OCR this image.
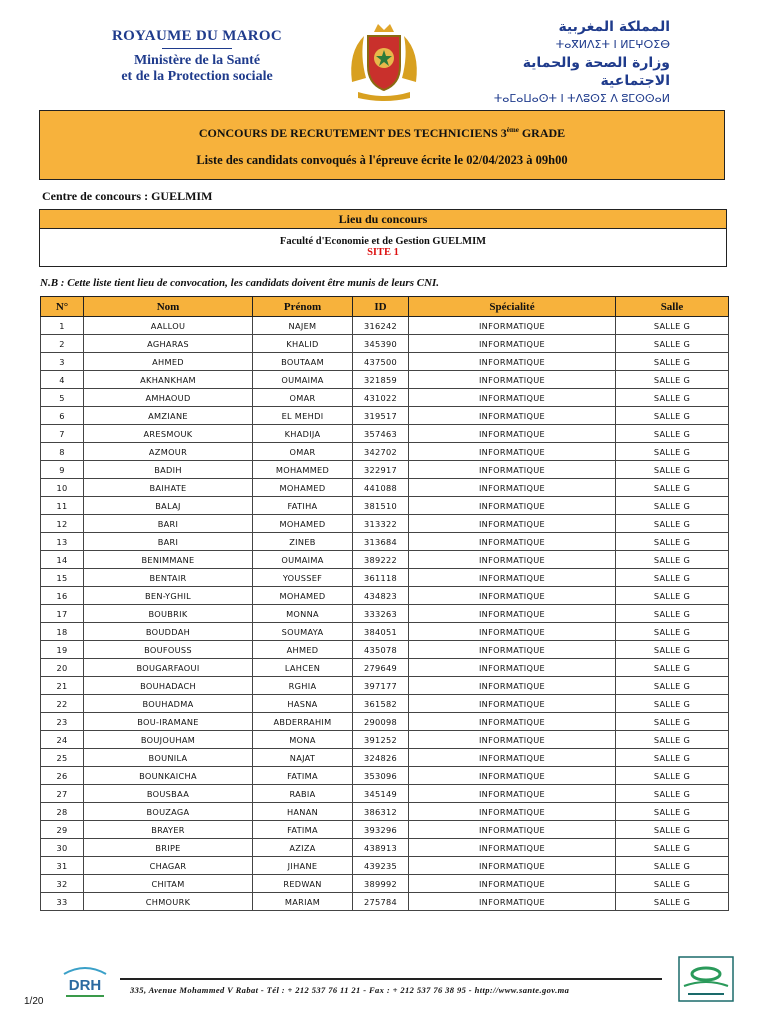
ROYAUME DU MAROC
Ministère de la Santé
et de la Protection sociale
المملكة المغربية
ⵜⴰⴳⵍⴷⵉⵜ ⵏ ⵍⵎⵖⵔⵉⴱ
وزارة الصحة والحماية الاجتماعية
ⵜⴰⵎⴰⵡⴰⵙⵜ ⵏ ⵜⴷⵓⵙⵉ ⴷ ⵓⵎⵙⵙⴰⵍ
CONCOURS DE RECRUTEMENT DES TECHNICIENS 3ème GRADE
Liste des candidats convoqués à l'épreuve écrite le 02/04/2023 à 09h00
Centre de concours : GUELMIM
Lieu du concours
Faculté d'Economie et de Gestion GUELMIM
SITE 1
N.B : Cette liste tient lieu de convocation, les candidats doivent être munis de leurs CNI.
N°	Nom	Prénom	ID	Spécialité	Salle
1	AALLOU	NAJEM	316242	INFORMATIQUE	SALLE G
2	AGHARAS	KHALID	345390	INFORMATIQUE	SALLE G
3	AHMED	BOUTAAM	437500	INFORMATIQUE	SALLE G
4	AKHANKHAM	OUMAIMA	321859	INFORMATIQUE	SALLE G
5	AMHAOUD	OMAR	431022	INFORMATIQUE	SALLE G
6	AMZIANE	EL MEHDI	319517	INFORMATIQUE	SALLE G
7	ARESMOUK	KHADIJA	357463	INFORMATIQUE	SALLE G
8	AZMOUR	OMAR	342702	INFORMATIQUE	SALLE G
9	BADIH	MOHAMMED	322917	INFORMATIQUE	SALLE G
10	BAIHATE	MOHAMED	441088	INFORMATIQUE	SALLE G
11	BALAJ	FATIHA	381510	INFORMATIQUE	SALLE G
12	BARI	MOHAMED	313322	INFORMATIQUE	SALLE G
13	BARI	ZINEB	313684	INFORMATIQUE	SALLE G
14	BENIMMANE	OUMAIMA	389222	INFORMATIQUE	SALLE G
15	BENTAIR	YOUSSEF	361118	INFORMATIQUE	SALLE G
16	BEN-YGHIL	MOHAMED	434823	INFORMATIQUE	SALLE G
17	BOUBRIK	MONNA	333263	INFORMATIQUE	SALLE G
18	BOUDDAH	SOUMAYA	384051	INFORMATIQUE	SALLE G
19	BOUFOUSS	AHMED	435078	INFORMATIQUE	SALLE G
20	BOUGARFAOUI	LAHCEN	279649	INFORMATIQUE	SALLE G
21	BOUHADACH	RGHIA	397177	INFORMATIQUE	SALLE G
22	BOUHADMA	HASNA	361582	INFORMATIQUE	SALLE G
23	BOU-IRAMANE	ABDERRAHIM	290098	INFORMATIQUE	SALLE G
24	BOUJOUHAM	MONA	391252	INFORMATIQUE	SALLE G
25	BOUNILA	NAJAT	324826	INFORMATIQUE	SALLE G
26	BOUNKAICHA	FATIMA	353096	INFORMATIQUE	SALLE G
27	BOUSBAA	RABIA	345149	INFORMATIQUE	SALLE G
28	BOUZAGA	HANAN	386312	INFORMATIQUE	SALLE G
29	BRAYER	FATIMA	393296	INFORMATIQUE	SALLE G
30	BRIPE	AZIZA	438913	INFORMATIQUE	SALLE G
31	CHAGAR	JIHANE	439235	INFORMATIQUE	SALLE G
32	CHITAM	REDWAN	389992	INFORMATIQUE	SALLE G
33	CHMOURK	MARIAM	275784	INFORMATIQUE	SALLE G
DRH	335, Avenue Mohammed V Rabat - Tél : + 212 537 76 11 21 - Fax : + 212 537 76 38 95 - http://www.sante.gov.ma
1/20
